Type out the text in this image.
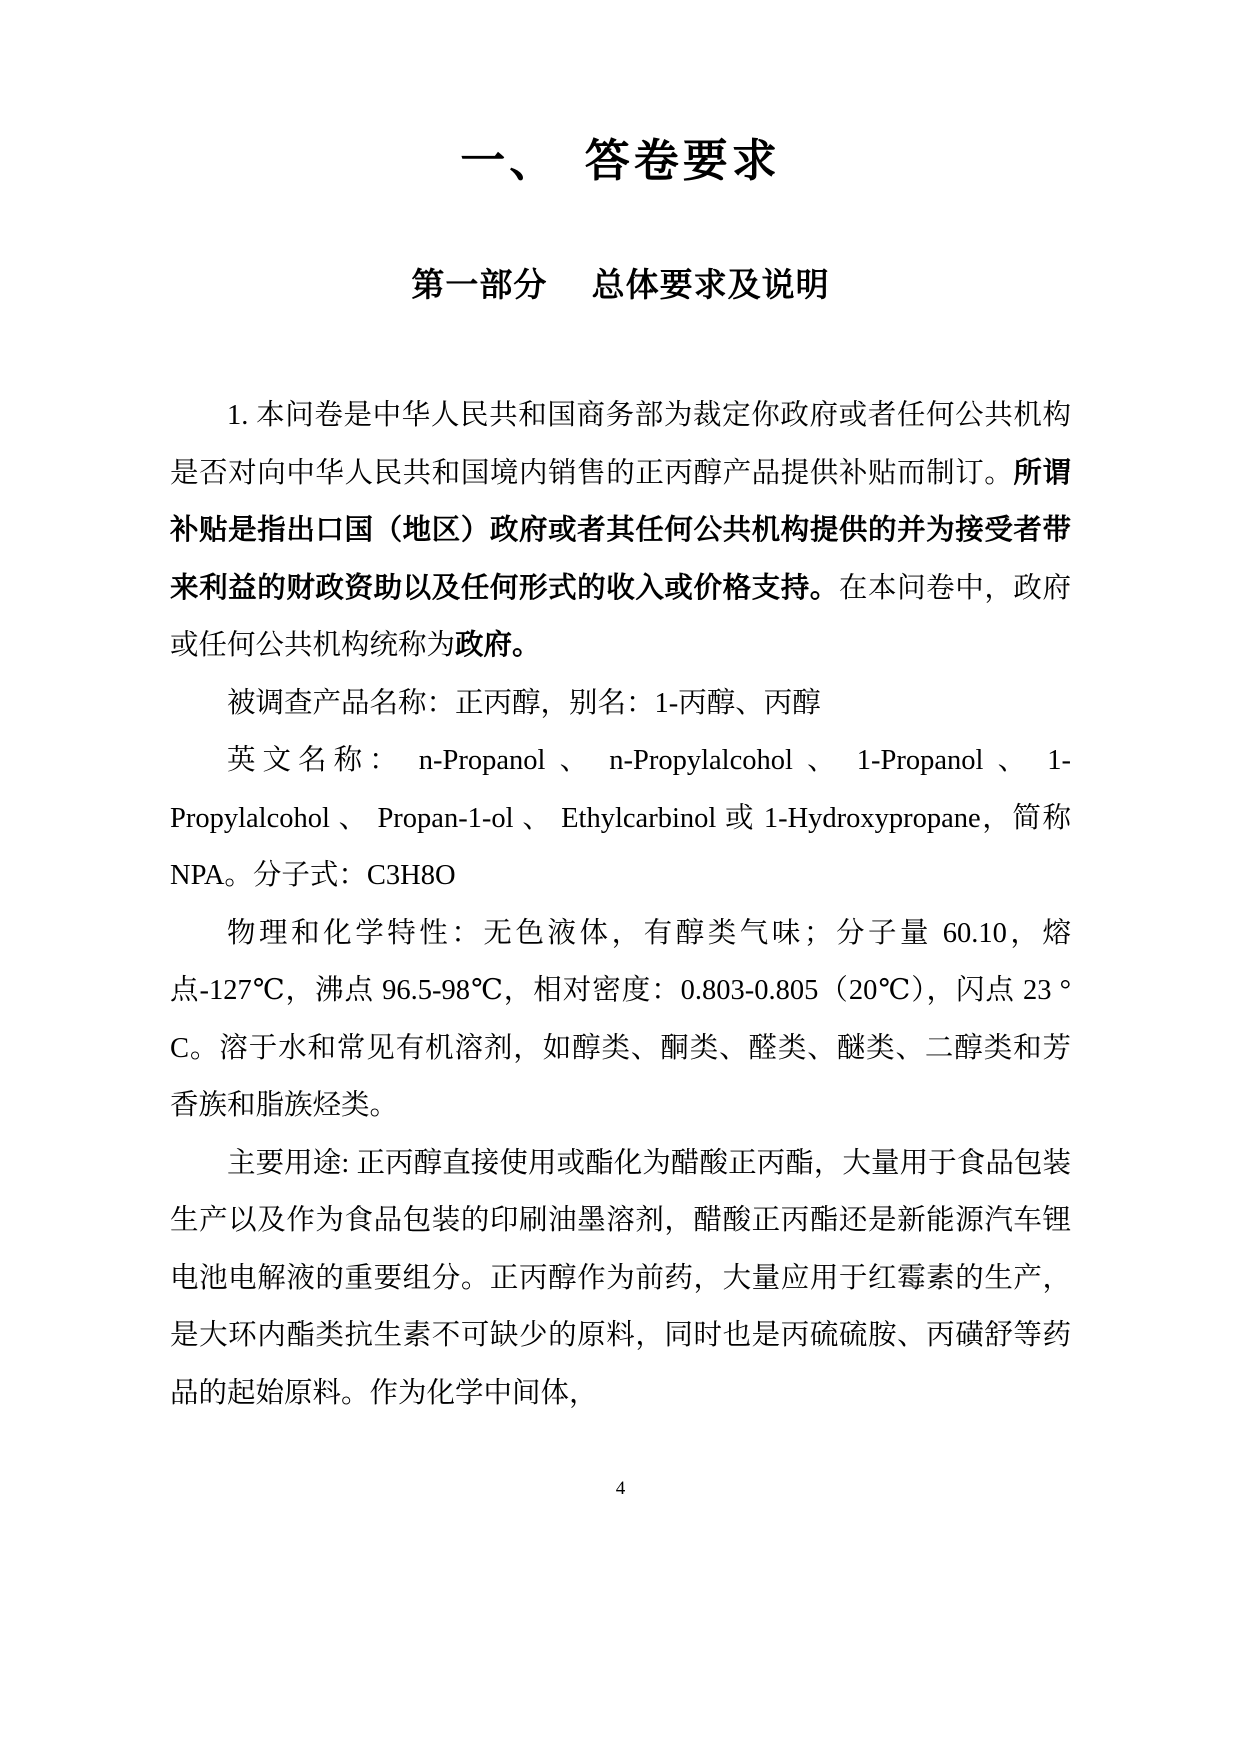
一、　答卷要求
第一部分　 总体要求及说明

1. 本问卷是中华人民共和国商务部为裁定你政府或者任何公共机构是否对向中华人民共和国境内销售的正丙醇产品提供补贴而制订。所谓补贴是指出口国（地区）政府或者其任何公共机构提供的并为接受者带来利益的财政资助以及任何形式的收入或价格支持。在本问卷中，政府或任何公共机构统称为政府。

被调查产品名称：正丙醇，别名：1-丙醇、丙醇

英文名称： n-Propanol 、 n-Propylalcohol 、 1-Propanol 、 1-Propylalcohol 、 Propan-1-ol 、 Ethylcarbinol 或 1-Hydroxypropane，简称 NPA。分子式：C3H8O

物理和化学特性：无色液体，有醇类气味；分子量 60.10，熔点-127℃，沸点 96.5-98℃，相对密度：0.803-0.805（20℃），闪点 23 ° C。溶于水和常见有机溶剂，如醇类、酮类、醛类、醚类、二醇类和芳香族和脂族烃类。

主要用途: 正丙醇直接使用或酯化为醋酸正丙酯，大量用于食品包装生产以及作为食品包装的印刷油墨溶剂，醋酸正丙酯还是新能源汽车锂电池电解液的重要组分。正丙醇作为前药，大量应用于红霉素的生产，是大环内酯类抗生素不可缺少的原料，同时也是丙硫硫胺、丙磺舒等药品的起始原料。作为化学中间体，

4
